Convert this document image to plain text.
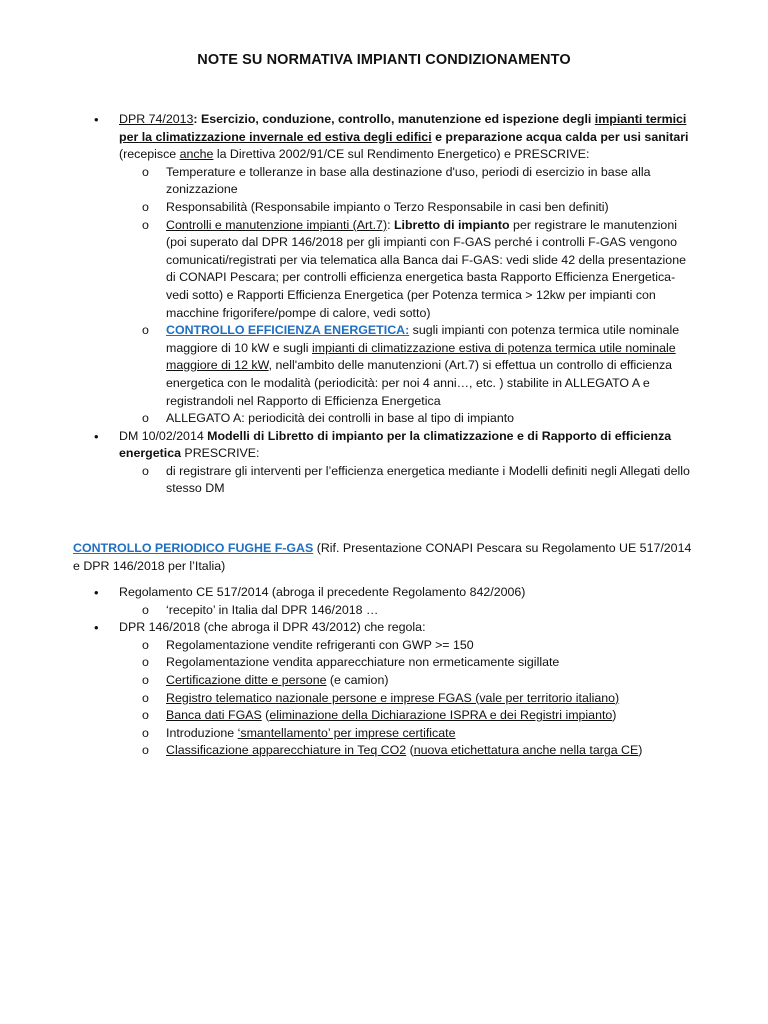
NOTE SU NORMATIVA IMPIANTI CONDIZIONAMENTO
• DPR 74/2013: Esercizio, conduzione, controllo, manutenzione ed ispezione degli impianti termici per la climatizzazione invernale ed estiva degli edifici e preparazione acqua calda per usi sanitari (recepisce anche la Direttiva 2002/91/CE sul Rendimento Energetico) e PRESCRIVE:
o Temperature e tolleranze in base alla destinazione d'uso, periodi di esercizio in base alla zonizzazione
o Responsabilità (Responsabile impianto o Terzo Responsabile in casi ben definiti)
o Controlli e manutenzione impianti (Art.7): Libretto di impianto per registrare le manutenzioni (poi superato dal DPR 146/2018 per gli impianti con F-GAS perché i controlli F-GAS vengono comunicati/registrati per via telematica alla Banca dai F-GAS: vedi slide 42 della presentazione di CONAPI Pescara; per controlli efficienza energetica basta Rapporto Efficienza Energetica- vedi sotto) e Rapporti Efficienza Energetica (per Potenza termica > 12kw per impianti con macchine frigorifere/pompe di calore, vedi sotto)
o CONTROLLO EFFICIENZA ENERGETICA: sugli impianti con potenza termica utile nominale maggiore di 10 kW e sugli impianti di climatizzazione estiva di potenza termica utile nominale maggiore di 12 kW, nell'ambito delle manutenzioni (Art.7) si effettua un controllo di efficienza energetica con le modalità (periodicità: per noi 4 anni…, etc. ) stabilite in ALLEGATO A e registrandoli nel Rapporto di Efficienza Energetica
o ALLEGATO A: periodicità dei controlli in base al tipo di impianto
• DM 10/02/2014 Modelli di Libretto di impianto per la climatizzazione e di Rapporto di efficienza energetica PRESCRIVE:
o di registrare gli interventi per l’efficienza energetica mediante i Modelli definiti negli Allegati dello stesso DM
CONTROLLO PERIODICO FUGHE F-GAS (Rif. Presentazione CONAPI Pescara su Regolamento UE 517/2014 e DPR 146/2018 per l’Italia)
• Regolamento CE 517/2014 (abroga il precedente Regolamento 842/2006)
o ‘recepito’ in Italia dal DPR 146/2018 …
• DPR 146/2018 (che abroga il DPR 43/2012) che regola:
o Regolamentazione vendite refrigeranti con GWP >= 150
o Regolamentazione vendita apparecchiature non ermeticamente sigillate
o Certificazione ditte e persone (e camion)
o Registro telematico nazionale persone e imprese FGAS (vale per territorio italiano)
o Banca dati FGAS (eliminazione della Dichiarazione ISPRA e dei Registri impianto)
o Introduzione ‘smantellamento’ per imprese certificate
o Classificazione apparecchiature in Teq CO2 (nuova etichettatura anche nella targa CE)
